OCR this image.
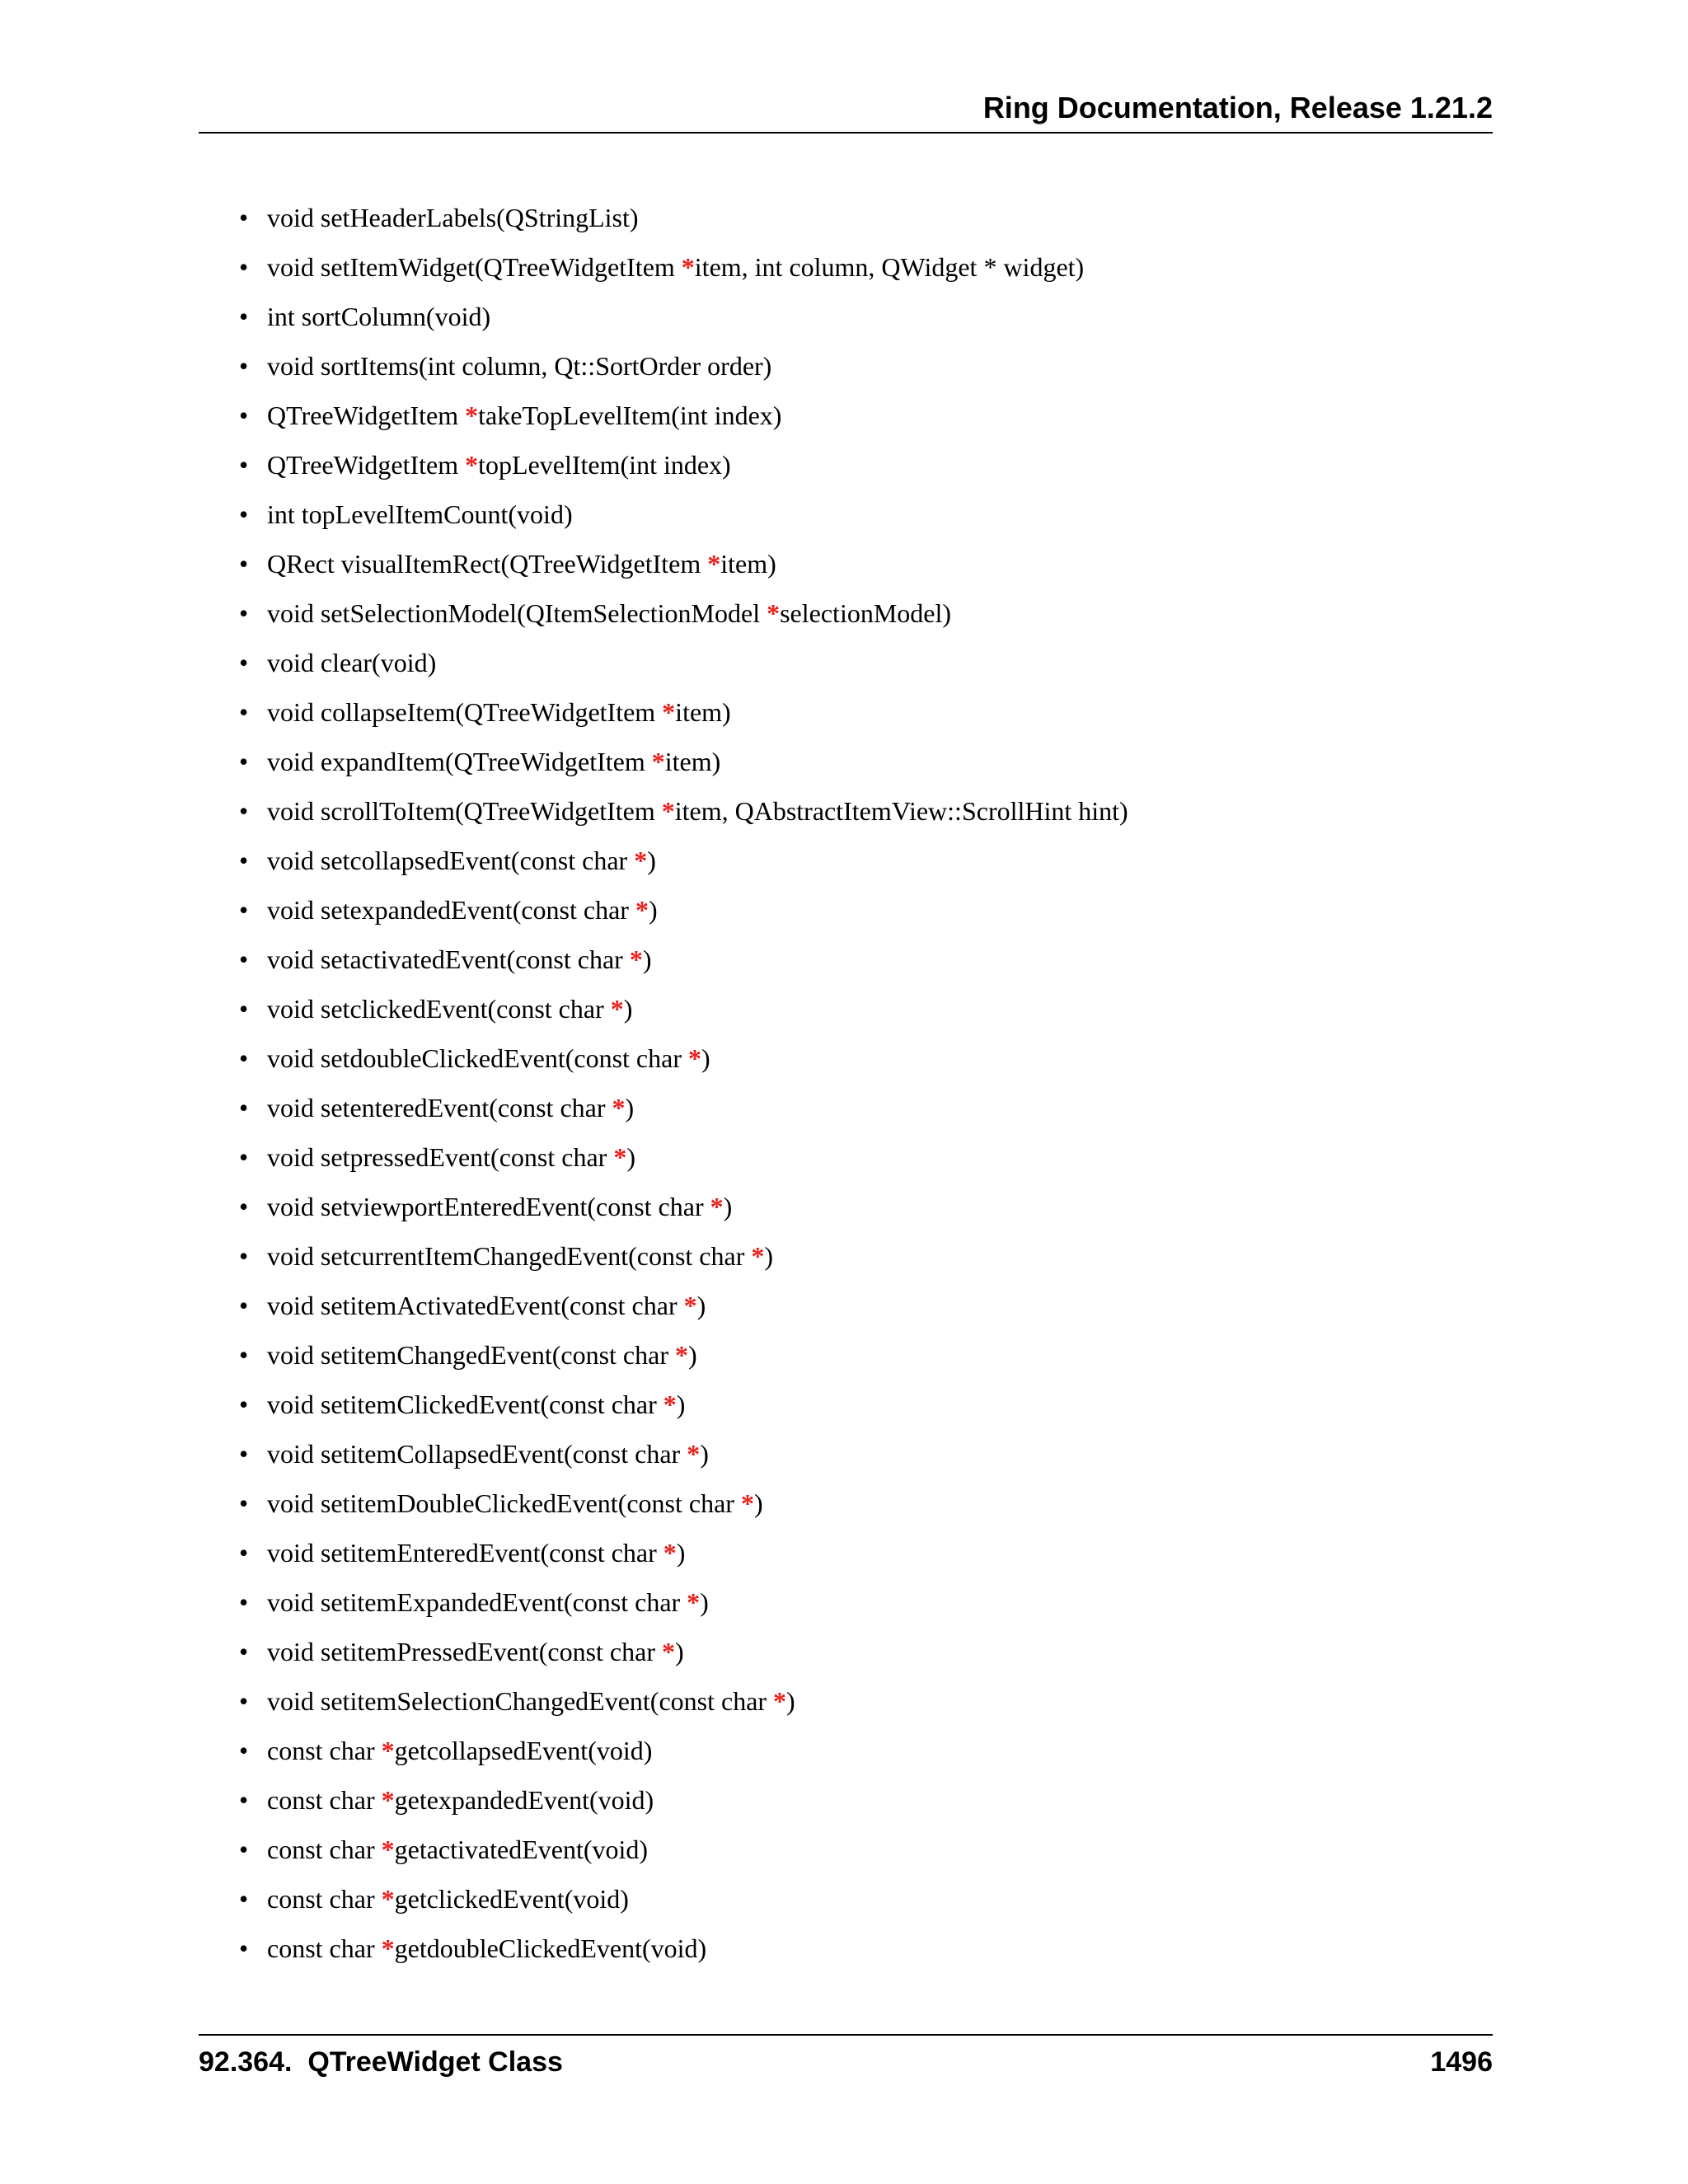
Ring Documentation, Release 1.21.2
• void setHeaderLabels(QStringList)
• void setItemWidget(QTreeWidgetItem *item, int column, QWidget * widget)
• int sortColumn(void)
• void sortItems(int column, Qt::SortOrder order)
• QTreeWidgetItem *takeTopLevelItem(int index)
• QTreeWidgetItem *topLevelItem(int index)
• int topLevelItemCount(void)
• QRect visualItemRect(QTreeWidgetItem *item)
• void setSelectionModel(QItemSelectionModel *selectionModel)
• void clear(void)
• void collapseItem(QTreeWidgetItem *item)
• void expandItem(QTreeWidgetItem *item)
• void scrollToItem(QTreeWidgetItem *item, QAbstractItemView::ScrollHint hint)
• void setcollapsedEvent(const char *)
• void setexpandedEvent(const char *)
• void setactivatedEvent(const char *)
• void setclickedEvent(const char *)
• void setdoubleClickedEvent(const char *)
• void setenteredEvent(const char *)
• void setpressedEvent(const char *)
• void setviewportEnteredEvent(const char *)
• void setcurrentItemChangedEvent(const char *)
• void setitemActivatedEvent(const char *)
• void setitemChangedEvent(const char *)
• void setitemClickedEvent(const char *)
• void setitemCollapsedEvent(const char *)
• void setitemDoubleClickedEvent(const char *)
• void setitemEnteredEvent(const char *)
• void setitemExpandedEvent(const char *)
• void setitemPressedEvent(const char *)
• void setitemSelectionChangedEvent(const char *)
• const char *getcollapsedEvent(void)
• const char *getexpandedEvent(void)
• const char *getactivatedEvent(void)
• const char *getclickedEvent(void)
• const char *getdoubleClickedEvent(void)
92.364.  QTreeWidget Class	1496
